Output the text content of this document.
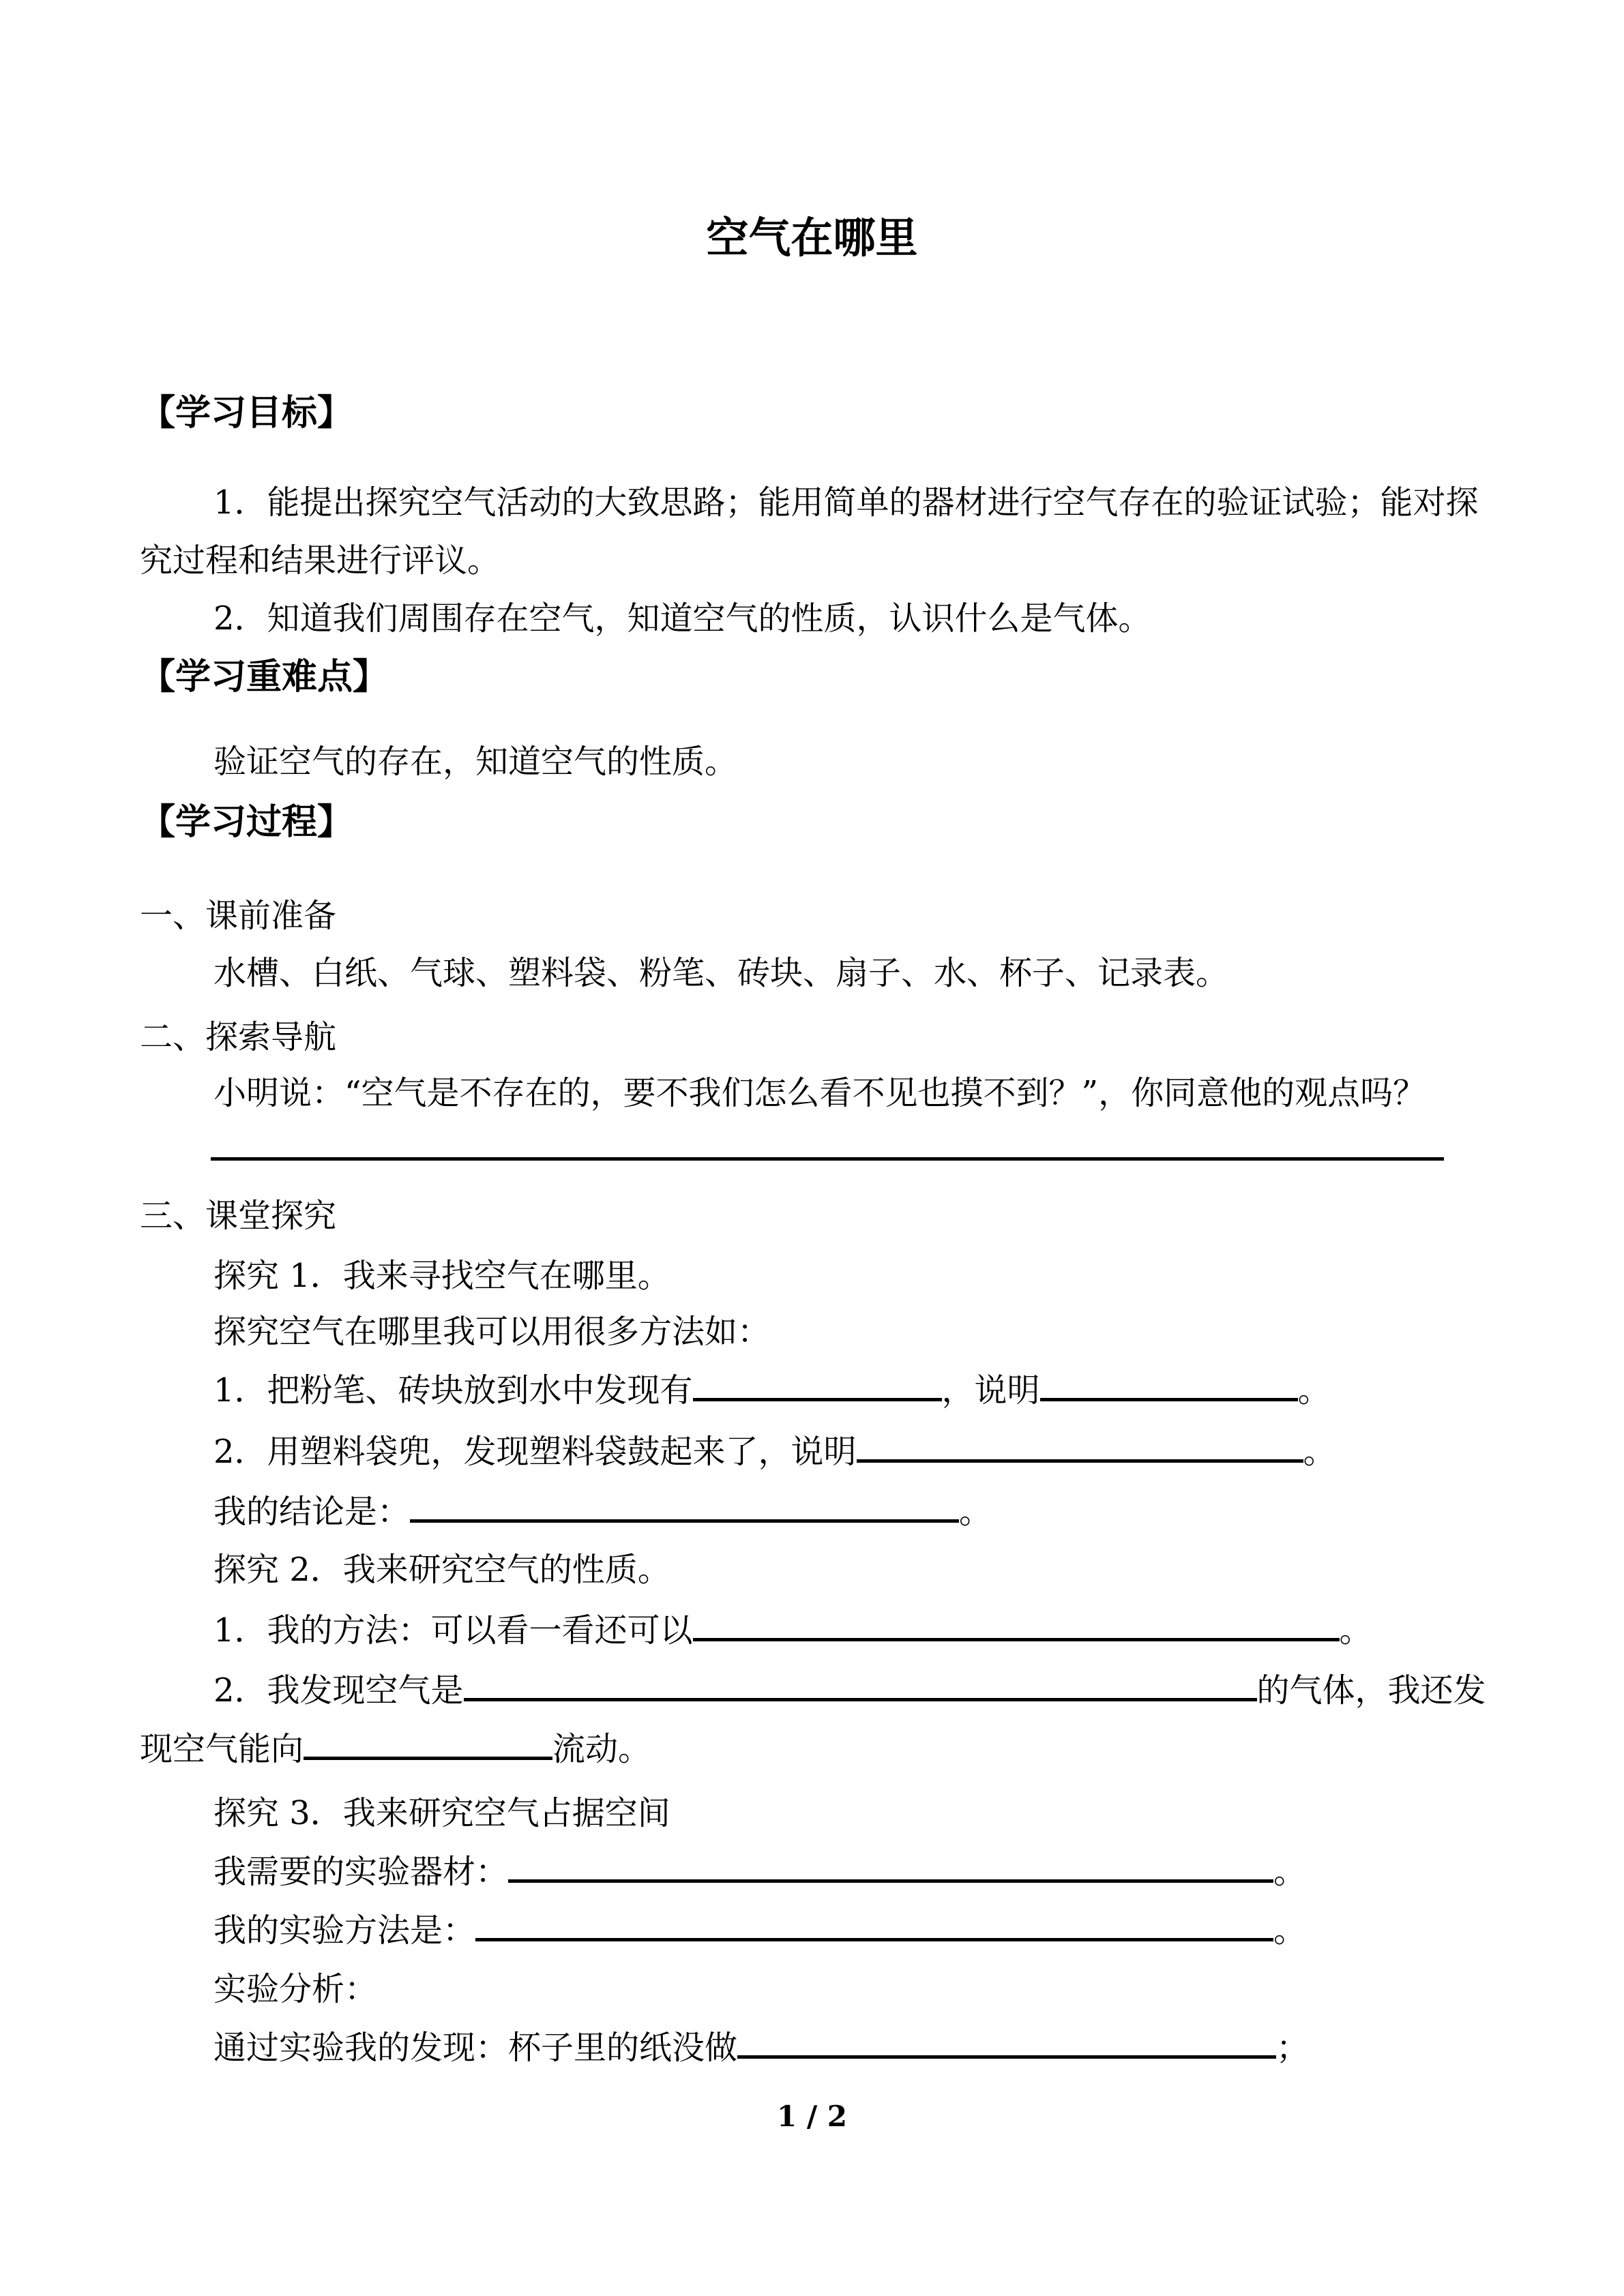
空气在哪里
【学习目标】
1．能提出探究空气活动的大致思路；能用简单的器材进行空气存在的验证试验；能对探
究过程和结果进行评议。
2．知道我们周围存在空气，知道空气的性质，认识什么是气体。
【学习重难点】
验证空气的存在，知道空气的性质。
【学习过程】
一、课前准备
水槽、白纸、气球、塑料袋、粉笔、砖块、扇子、水、杯子、记录表。
二、探索导航
小明说：“空气是不存在的，要不我们怎么看不见也摸不到？”，你同意他的观点吗？
三、课堂探究
探究 1．我来寻找空气在哪里。
探究空气在哪里我可以用很多方法如：
1．把粉笔、砖块放到水中发现有	，说明	。
2．用塑料袋兜，发现塑料袋鼓起来了，说明	。
我的结论是：	。
探究 2．我来研究空气的性质。
1．我的方法：可以看一看还可以	。
2．我发现空气是	的气体，我还发
现空气能向	流动。
探究 3．我来研究空气占据空间
我需要的实验器材：	。
我的实验方法是：	。
实验分析：
通过实验我的发现：杯子里的纸没做	；
1 / 2
